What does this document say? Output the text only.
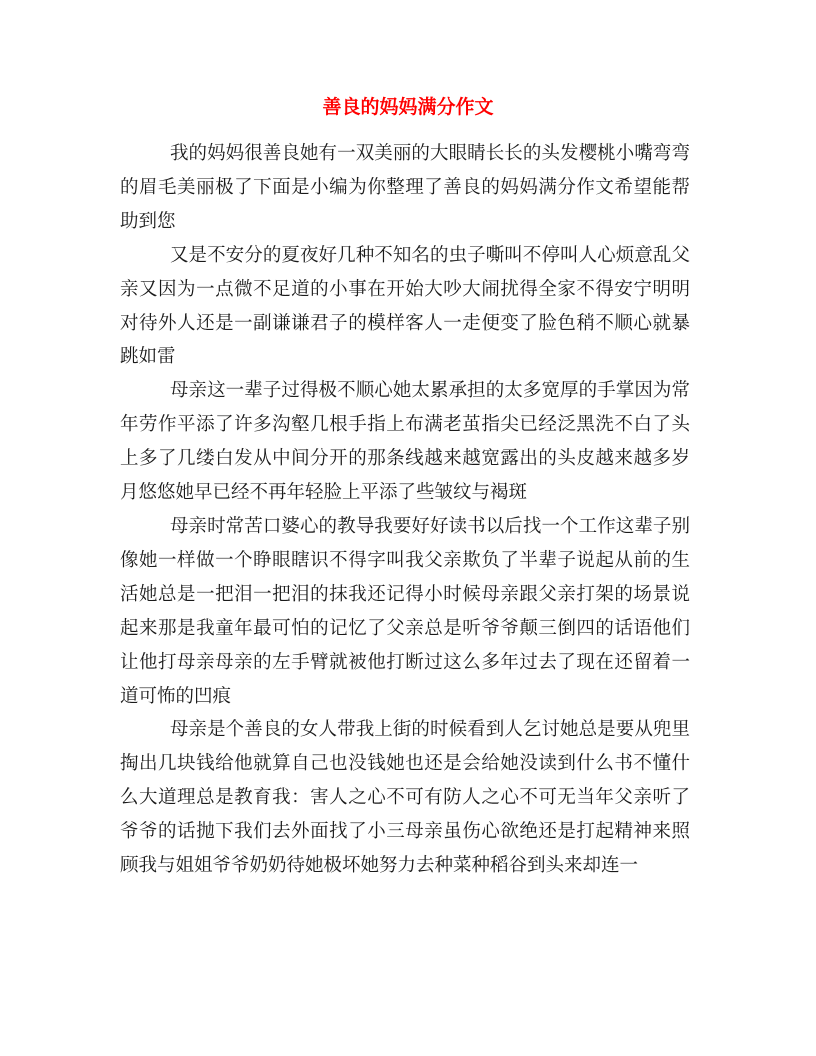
善良的妈妈满分作文

我的妈妈很善良她有一双美丽的大眼睛长长的头发樱桃小嘴弯弯的眉毛美丽极了下面是小编为你整理了善良的妈妈满分作文希望能帮助到您

又是不安分的夏夜好几种不知名的虫子嘶叫不停叫人心烦意乱父亲又因为一点微不足道的小事在开始大吵大闹扰得全家不得安宁明明对待外人还是一副谦谦君子的模样客人一走便变了脸色稍不顺心就暴跳如雷

母亲这一辈子过得极不顺心她太累承担的太多宽厚的手掌因为常年劳作平添了许多沟壑几根手指上布满老茧指尖已经泛黑洗不白了头上多了几缕白发从中间分开的那条线越来越宽露出的头皮越来越多岁月悠悠她早已经不再年轻脸上平添了些皱纹与褐斑

母亲时常苦口婆心的教导我要好好读书以后找一个工作这辈子别像她一样做一个睁眼瞎识不得字叫我父亲欺负了半辈子说起从前的生活她总是一把泪一把泪的抹我还记得小时候母亲跟父亲打架的场景说起来那是我童年最可怕的记忆了父亲总是听爷爷颠三倒四的话语他们让他打母亲母亲的左手臂就被他打断过这么多年过去了现在还留着一道可怖的凹痕

母亲是个善良的女人带我上街的时候看到人乞讨她总是要从兜里掏出几块钱给他就算自己也没钱她也还是会给她没读到什么书不懂什么大道理总是教育我：害人之心不可有防人之心不可无当年父亲听了爷爷的话抛下我们去外面找了小三母亲虽伤心欲绝还是打起精神来照顾我与姐姐爷爷奶奶待她极坏她努力去种菜种稻谷到头来却连一
